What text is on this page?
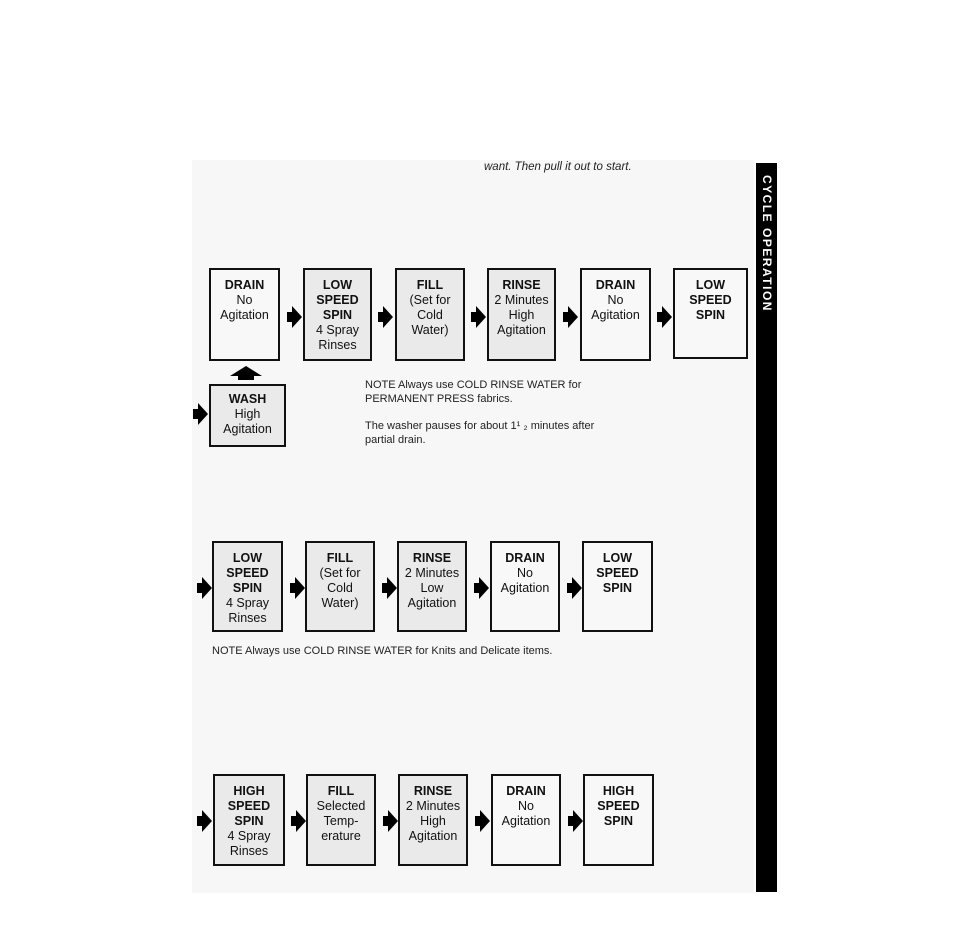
want. Then pull it out to start.
CYCLE OPERATION
DRAIN
No
Agitation
LOW SPEED SPIN
4 Spray
Rinses
FILL
(Set for
Cold
Water)
RINSE
2 Minutes
High
Agitation
DRAIN
No
Agitation
LOW SPEED SPIN
WASH
High
Agitation
NOTE Always use COLD RINSE WATER for PERMANENT PRESS fabrics.
The washer pauses for about 1¹ ₂ minutes after partial drain.
LOW SPEED SPIN
4 Spray
Rinses
FILL
(Set for
Cold
Water)
RINSE
2 Minutes
Low
Agitation
DRAIN
No
Agitation
LOW SPEED SPIN
NOTE Always use COLD RINSE WATER for Knits and Delicate items.
HIGH SPEED SPIN
4 Spray
Rinses
FILL
Selected
Temp-
erature
RINSE
2 Minutes
High
Agitation
DRAIN
No
Agitation
HIGH SPEED SPIN
